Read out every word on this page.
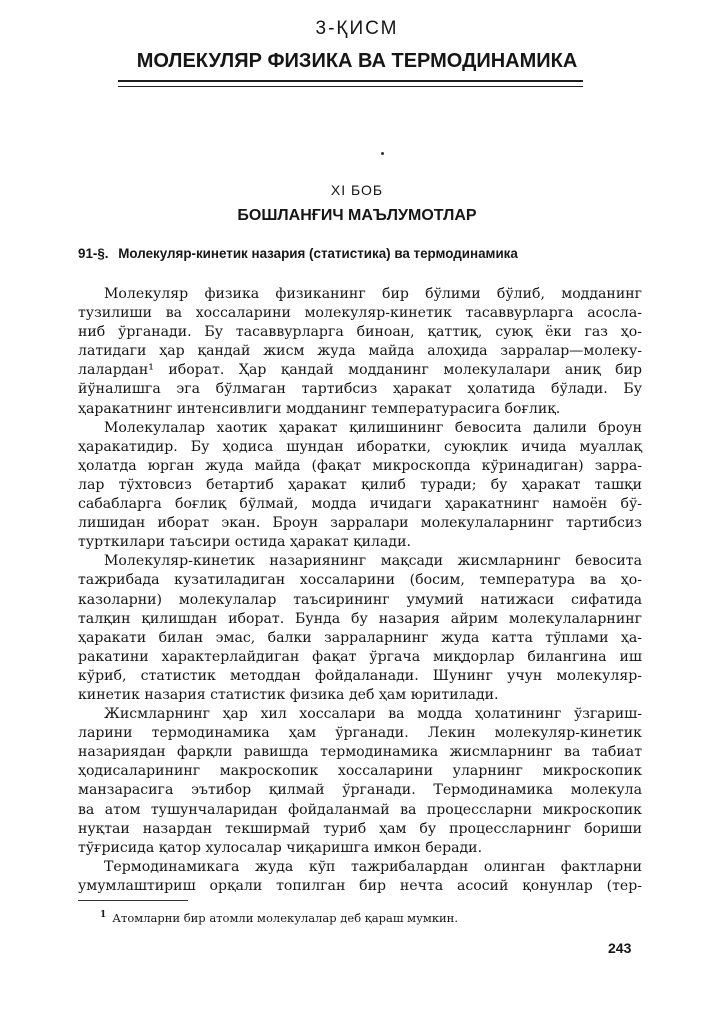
3-ҚИСМ
МОЛЕКУЛЯР ФИЗИКА ВА ТЕРМОДИНАМИКА
XI БОБ
БОШЛАНҒИЧ МАЪЛУМОТЛАР
91-§. Молекуляр-кинетик назария (статистика) ва термодинамика
Молекуляр физика физиканинг бир бўлими бўлиб, модданинг
тузилиши ва хоссаларини молекуляр-кинетик тасаввурларга асосла-
ниб ўрганади. Бу тасаввурларга биноан, қаттиқ, суюқ ёки газ ҳо-
латидаги ҳар қандай жисм жуда майда алоҳида зарралар—молеку-
лалардан¹ иборат. Ҳар қандай модданинг молекулалари аниқ бир
йўналишга эга бўлмаган тартибсиз ҳаракат ҳолатида бўлади. Бу
ҳаракатнинг интенсивлиги модданинг температурасига боғлиқ.
Молекулалар хаотик ҳаракат қилишининг бевосита далили броун
ҳаракатидир. Бу ҳодиса шундан иборатки, суюқлик ичида муаллақ
ҳолатда юрган жуда майда (фақат микроскопда кўринадиган) зарра-
лар тўхтовсиз бетартиб ҳаракат қилиб туради; бу ҳаракат ташқи
сабабларга боғлиқ бўлмай, модда ичидаги ҳаракатнинг намоён бў-
лишидан иборат экан. Броун зарралари молекулаларнинг тартибсиз
турткилари таъсири остида ҳаракат қилади.
Молекуляр-кинетик назариянинг мақсади жисмларнинг бевосита
тажрибада кузатиладиган хоссаларини (босим, температура ва ҳо-
казоларни) молекулалар таъсирининг умумий натижаси сифатида
талқин қилишдан иборат. Бунда бу назария айрим молекулаларнинг
ҳаракати билан эмас, балки зарраларнинг жуда катта тўплами ҳа-
ракатини характерлайдиган фақат ўргача миқдорлар билангина иш
кўриб, статистик методдан фойдаланади. Шунинг учун молекуляр-
кинетик назария статистик физика деб ҳам юритилади.
Жисмларнинг ҳар хил хоссалари ва модда ҳолатининг ўзгариш-
ларини термодинамика ҳам ўрганади. Лекин молекуляр-кинетик
назариядан фарқли равишда термодинамика жисмларнинг ва табиат
ҳодисаларининг макроскопик хоссаларини уларнинг микроскопик
манзарасига эътибор қилмай ўрганади. Термодинамика молекула
ва атом тушунчаларидан фойдаланмай ва процессларни микроскопик
нуқтаи назардан текширмай туриб ҳам бу процессларнинг бориши
тўғрисида қатор хулосалар чиқаришга имкон беради.
Термодинамикага жуда кўп тажрибалардан олинган фактларни
умумлаштириш орқали топилган бир нечта асосий қонунлар (тер-
$^1$ Атомларни бир атомли молекулалар деб қараш мумкин.
243
